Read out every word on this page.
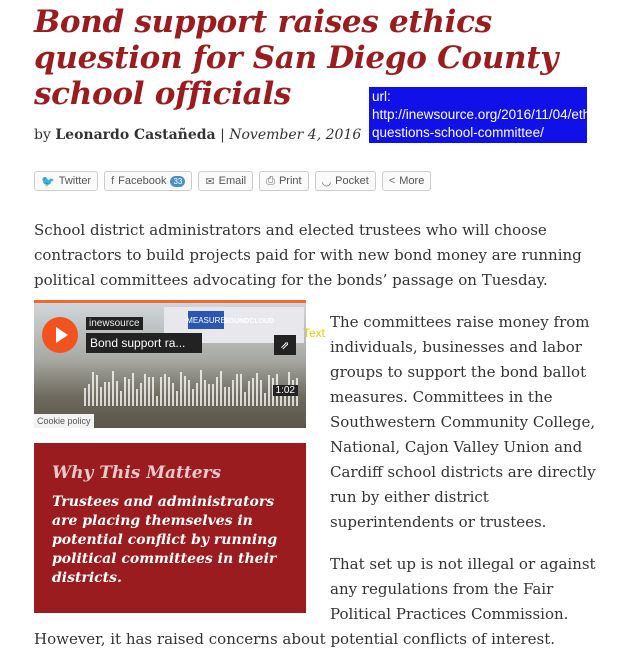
Bond support raises ethics question for San Diego County school officials	url: http://inewsource.org/2016/11/04/ethic-questions-school-committee/
by Leonardo Castañeda | November 4, 2016
🐦 Twitter f Facebook 33 ✉ Email ⎙ Print ◡ Pocket < More

School district administrators and elected trustees who will choose contractors to build projects paid for with new bond money are running political committees advocating for the bonds’ passage on Tuesday.

MEASURE
inewsource
Bond support ra...
SOUNDCLOUD
⇗
1:02
Cookie policy
Text
Why This Matters

Trustees and administrators are placing themselves in potential conflict by running political committees in their districts.

The committees raise money from individuals, businesses and labor groups to support the bond ballot measures. Committees in the Southwestern Community College, National, Cajon Valley Union and Cardiff school districts are directly run by either district superintendents or trustees.

That set up is not illegal or against any regulations from the Fair Political Practices Commission.

However, it has raised concerns about potential conflicts of interest.
